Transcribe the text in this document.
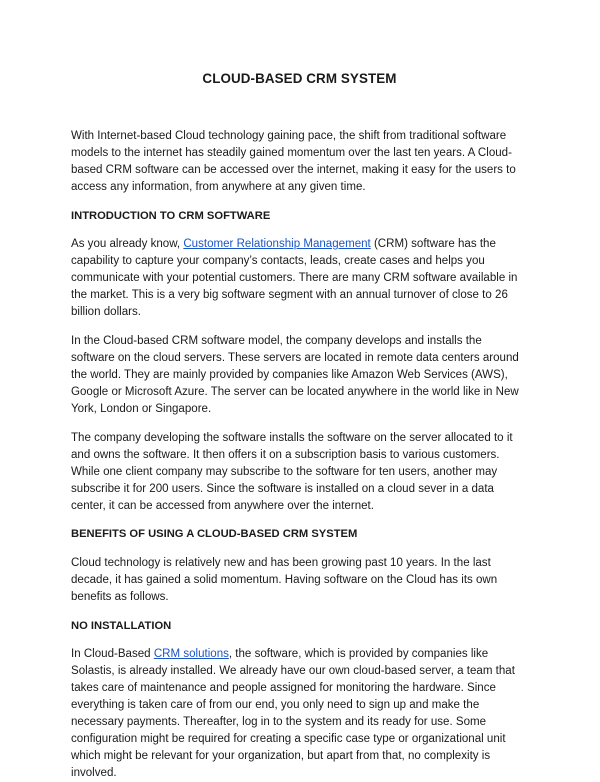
CLOUD-BASED CRM SYSTEM

With Internet-based Cloud technology gaining pace, the shift from traditional software models to the internet has steadily gained momentum over the last ten years. A Cloud-based CRM software can be accessed over the internet, making it easy for the users to access any information, from anywhere at any given time.

INTRODUCTION TO CRM SOFTWARE

As you already know, Customer Relationship Management (CRM) software has the capability to capture your company’s contacts, leads, create cases and helps you communicate with your potential customers. There are many CRM software available in the market. This is a very big software segment with an annual turnover of close to 26 billion dollars.

In the Cloud-based CRM software model, the company develops and installs the software on the cloud servers. These servers are located in remote data centers around the world. They are mainly provided by companies like Amazon Web Services (AWS), Google or Microsoft Azure. The server can be located anywhere in the world like in New York, London or Singapore.

The company developing the software installs the software on the server allocated to it and owns the software. It then offers it on a subscription basis to various customers. While one client company may subscribe to the software for ten users, another may subscribe it for 200 users. Since the software is installed on a cloud sever in a data center, it can be accessed from anywhere over the internet.

BENEFITS OF USING A CLOUD-BASED CRM SYSTEM

Cloud technology is relatively new and has been growing past 10 years. In the last decade, it has gained a solid momentum. Having software on the Cloud has its own benefits as follows.

NO INSTALLATION

In Cloud-Based CRM solutions, the software, which is provided by companies like Solastis, is already installed. We already have our own cloud-based server, a team that takes care of maintenance and people assigned for monitoring the hardware. Since everything is taken care of from our end, you only need to sign up and make the necessary payments. Thereafter, log in to the system and its ready for use. Some configuration might be required for creating a specific case type or organizational unit which might be relevant for your organization, but apart from that, no complexity is involved.
